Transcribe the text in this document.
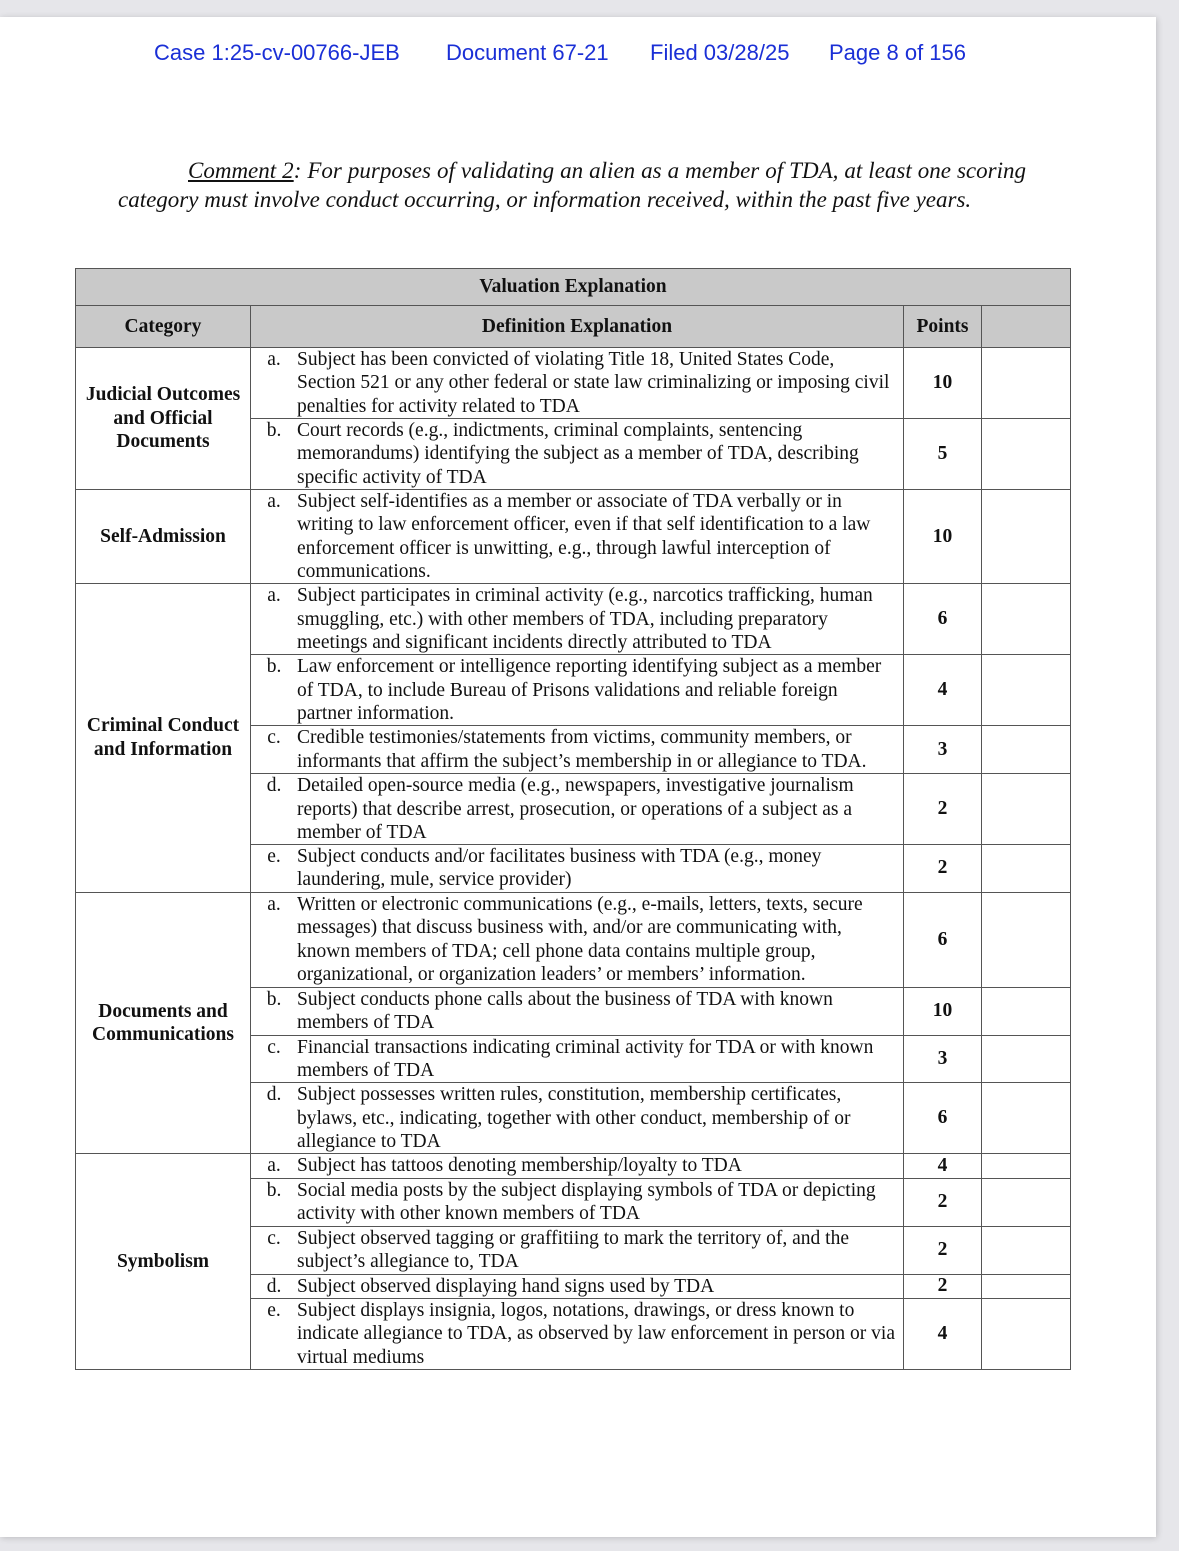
Case 1:25-cv-00766-JEB Document 67-21 Filed 03/28/25 Page 8 of 156
Comment 2: For purposes of validating an alien as a member of TDA, at least one scoring category must involve conduct occurring, or information received, within the past five years.
Valuation Explanation			
Category	Definition Explanation	Points	
Judicial Outcomes and Official Documents	a. Subject has been convicted of violating Title 18, United States Code, Section 521 or any other federal or state law criminalizing or imposing civil penalties for activity related to TDA	10	

	b. Court records (e.g., indictments, criminal complaints, sentencing memorandums) identifying the subject as a member of TDA, describing specific activity of TDA	5	
Self-Admission	a. Subject self-identifies as a member or associate of TDA verbally or in writing to law enforcement officer, even if that self identification to a law enforcement officer is unwitting, e.g., through lawful interception of communications.	10	
Criminal Conduct and Information	a. Subject participates in criminal activity (e.g., narcotics trafficking, human smuggling, etc.) with other members of TDA, including preparatory meetings and significant incidents directly attributed to TDA	6	

	b. Law enforcement or intelligence reporting identifying subject as a member of TDA, to include Bureau of Prisons validations and reliable foreign partner information.	4	

	c. Credible testimonies/statements from victims, community members, or informants that affirm the subject’s membership in or allegiance to TDA.	3	

	d. Detailed open-source media (e.g., newspapers, investigative journalism reports) that describe arrest, prosecution, or operations of a subject as a member of TDA	2	

	e. Subject conducts and/or facilitates business with TDA (e.g., money laundering, mule, service provider)	2	
Documents and Communications	a. Written or electronic communications (e.g., e-mails, letters, texts, secure messages) that discuss business with, and/or are communicating with, known members of TDA; cell phone data contains multiple group, organizational, or organization leaders’ or members’ information.	6	

	b. Subject conducts phone calls about the business of TDA with known members of TDA	10	

	c. Financial transactions indicating criminal activity for TDA or with known members of TDA	3	

	d. Subject possesses written rules, constitution, membership certificates, bylaws, etc., indicating, together with other conduct, membership of or allegiance to TDA	6	
Symbolism	a. Subject has tattoos denoting membership/loyalty to TDA	4	

	b. Social media posts by the subject displaying symbols of TDA or depicting activity with other known members of TDA	2	

	c. Subject observed tagging or graffitiing to mark the territory of, and the subject’s allegiance to, TDA	2	

	d. Subject observed displaying hand signs used by TDA	2	

	e. Subject displays insignia, logos, notations, drawings, or dress known to indicate allegiance to TDA, as observed by law enforcement in person or via virtual mediums	4	
